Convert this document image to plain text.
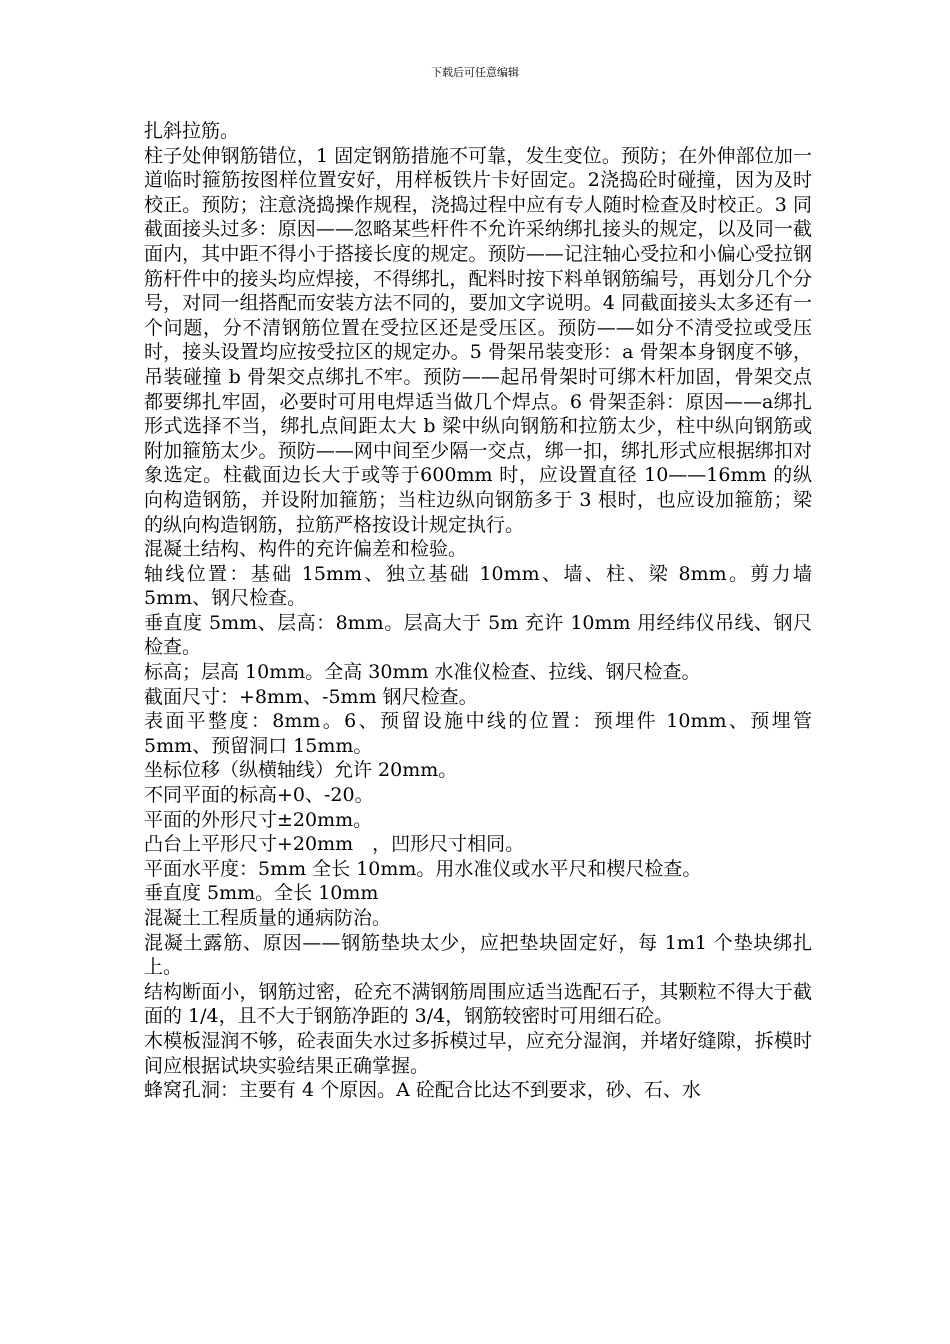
下载后可任意编辑

扎斜拉筋。

柱子处伸钢筋错位，1 固定钢筋措施不可靠，发生变位。预防；在外伸部位加一道临时箍筋按图样位置安好，用样板铁片卡好固定。2浇捣砼时碰撞，因为及时校正。预防；注意浇捣操作规程，浇捣过程中应有专人随时检查及时校正。3 同截面接头过多：原因——忽略某些杆件不允许采纳绑扎接头的规定，以及同一截面内，其中距不得小于搭接长度的规定。预防——记注轴心受拉和小偏心受拉钢筋杆件中的接头均应焊接，不得绑扎，配料时按下料单钢筋编号，再划分几个分号，对同一组搭配而安装方法不同的，要加文字说明。4 同截面接头太多还有一个问题，分不清钢筋位置在受拉区还是受压区。预防——如分不清受拉或受压时，接头设置均应按受拉区的规定办。5 骨架吊装变形：a 骨架本身钢度不够，吊装碰撞 b 骨架交点绑扎不牢。预防——起吊骨架时可绑木杆加固，骨架交点都要绑扎牢固，必要时可用电焊适当做几个焊点。6 骨架歪斜：原因——a绑扎形式选择不当，绑扎点间距太大 b 梁中纵向钢筋和拉筋太少，柱中纵向钢筋或附加箍筋太少。预防——网中间至少隔一交点，绑一扣，绑扎形式应根据绑扣对象选定。柱截面边长大于或等于600mm 时，应设置直径 10——16mm 的纵向构造钢筋，并设附加箍筋；当柱边纵向钢筋多于 3 根时，也应设加箍筋；梁的纵向构造钢筋，拉筋严格按设计规定执行。

混凝土结构、构件的充许偏差和检验。

轴线位置：基础 15mm、独立基础 10mm、墙、柱、梁 8mm。剪力墙 5mm、钢尺检查。

垂直度 5mm、层高：8mm。层高大于 5m 充许 10mm 用经纬仪吊线、钢尺检查。

标高；层高 10mm。全高 30mm 水准仪检查、拉线、钢尺检查。

截面尺寸：+8mm、-5mm 钢尺检查。

表面平整度：8mm。6、预留设施中线的位置：预埋件 10mm、预埋管 5mm、预留洞口 15mm。

坐标位移（纵横轴线）允许 20mm。

不同平面的标高+0、-20。

平面的外形尺寸±20mm。

凸台上平形尺寸+20mm　，凹形尺寸相同。

平面水平度：5mm 全长 10mm。用水准仪或水平尺和楔尺检查。

垂直度 5mm。全长 10mm

混凝土工程质量的通病防治。

混凝土露筋、原因——钢筋垫块太少，应把垫块固定好，每 1m1 个垫块绑扎上。

结构断面小，钢筋过密，砼充不满钢筋周围应适当选配石子，其颗粒不得大于截面的 1/4，且不大于钢筋净距的 3/4，钢筋较密时可用细石砼。

木模板湿润不够，砼表面失水过多拆模过早，应充分湿润，并堵好缝隙，拆模时间应根据试块实验结果正确掌握。

蜂窝孔洞：主要有 4 个原因。A 砼配合比达不到要求，砂、石、水
